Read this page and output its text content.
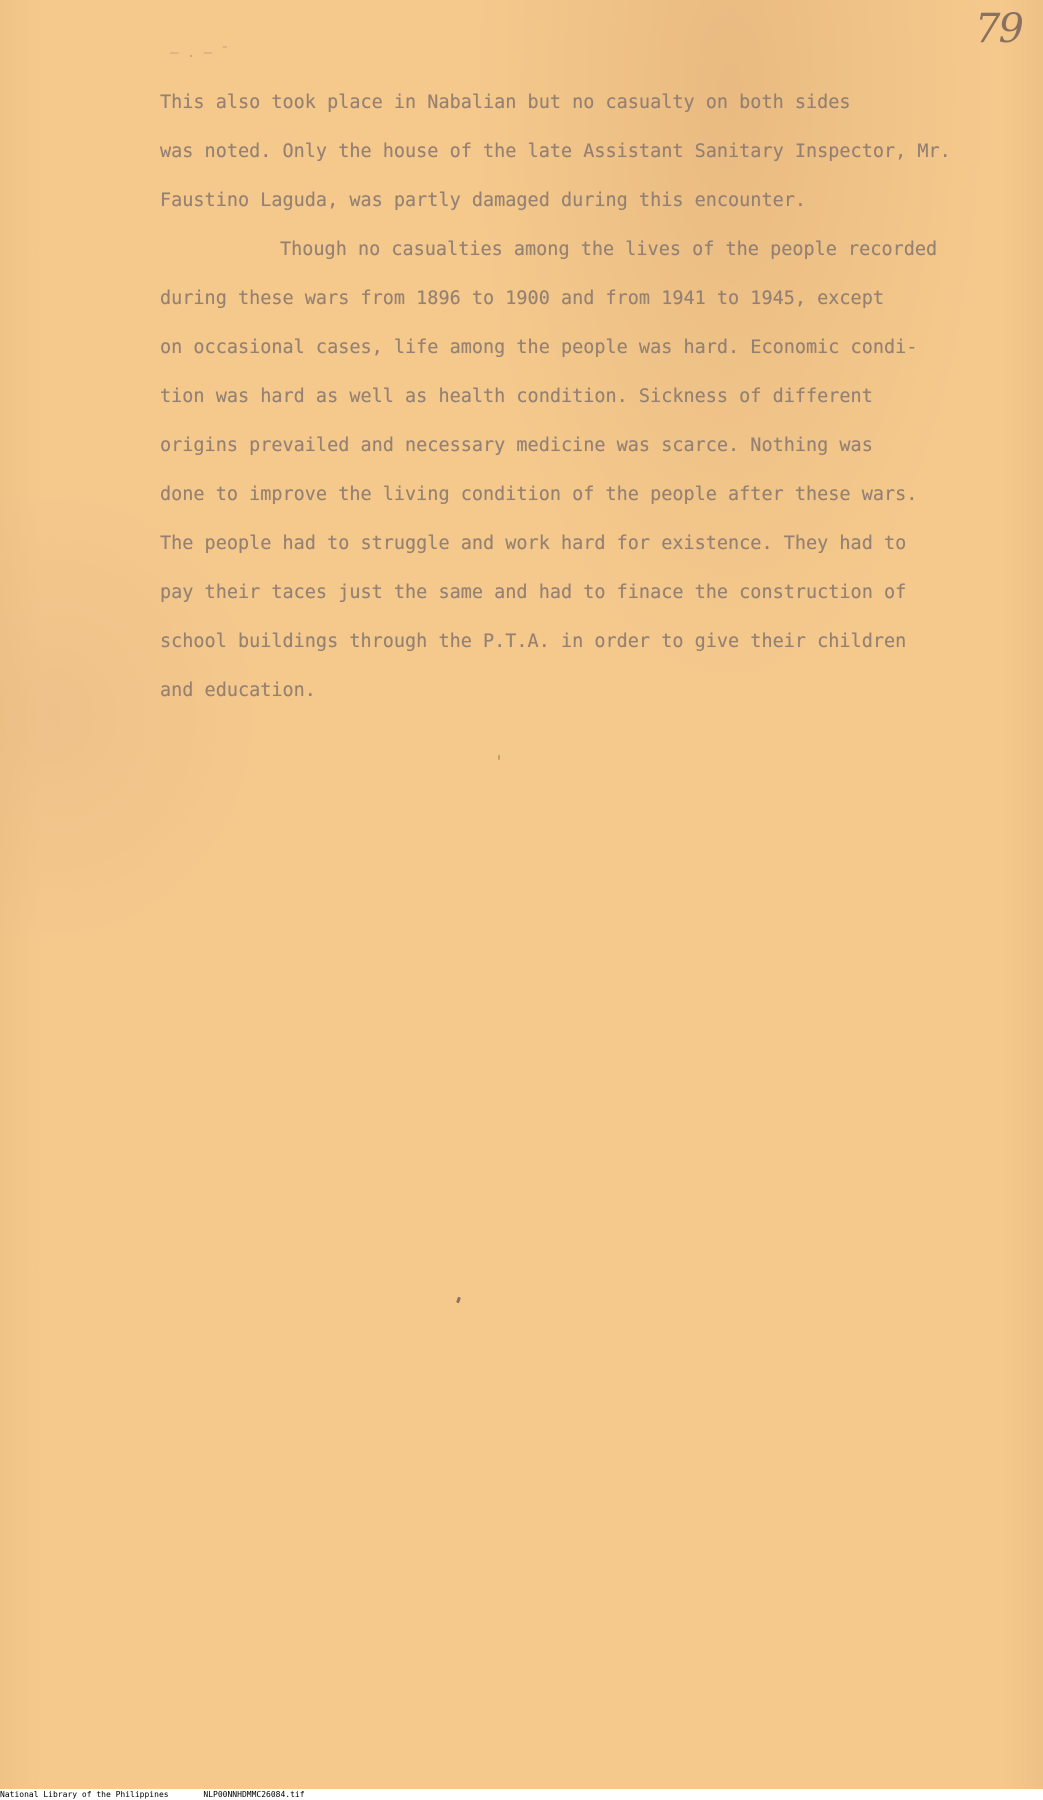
79
— . — ˉ
This also took place in Nabalian but no casualty on both sides
was noted. Only the house of the late Assistant Sanitary Inspector, Mr.
Faustino Laguda, was partly damaged during this encounter.
Though no casualties among the lives of the people recorded
during these wars from 1896 to 1900 and from 1941 to 1945, except
on occasional cases, life among the people was hard. Economic condi-
tion was hard as well as health condition. Sickness of different
origins prevailed and necessary medicine was scarce. Nothing was
done to improve the living condition of the people after these wars.
The people had to struggle and work hard for existence. They had to
pay their taces just the same and had to finace the construction of
school buildings through the P.T.A. in order to give their children
and education.
National Library of the Philippines	NLP00NNHDMMC26084.tif
